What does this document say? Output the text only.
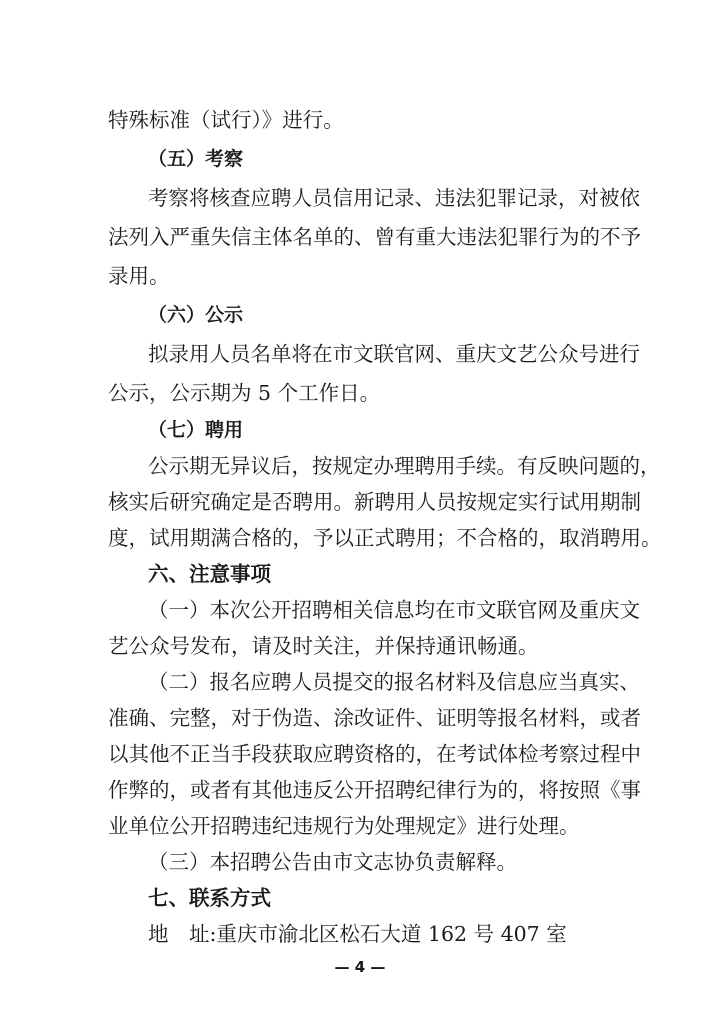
特殊标准（试行）》进行。
（五）考察
考察将核查应聘人员信用记录、违法犯罪记录，对被依
法列入严重失信主体名单的、曾有重大违法犯罪行为的不予
录用。
（六）公示
拟录用人员名单将在市文联官网、重庆文艺公众号进行
公示，公示期为 5 个工作日。
（七）聘用
公示期无异议后，按规定办理聘用手续。有反映问题的，
核实后研究确定是否聘用。新聘用人员按规定实行试用期制
度，试用期满合格的，予以正式聘用；不合格的，取消聘用。
六、注意事项
（一）本次公开招聘相关信息均在市文联官网及重庆文
艺公众号发布，请及时关注，并保持通讯畅通。
（二）报名应聘人员提交的报名材料及信息应当真实、
准确、完整，对于伪造、涂改证件、证明等报名材料，或者
以其他不正当手段获取应聘资格的，在考试体检考察过程中
作弊的，或者有其他违反公开招聘纪律行为的，将按照《事
业单位公开招聘违纪违规行为处理规定》进行处理。
（三）本招聘公告由市文志协负责解释。
七、联系方式
地　址:重庆市渝北区松石大道 162 号 407 室
— 4 —
